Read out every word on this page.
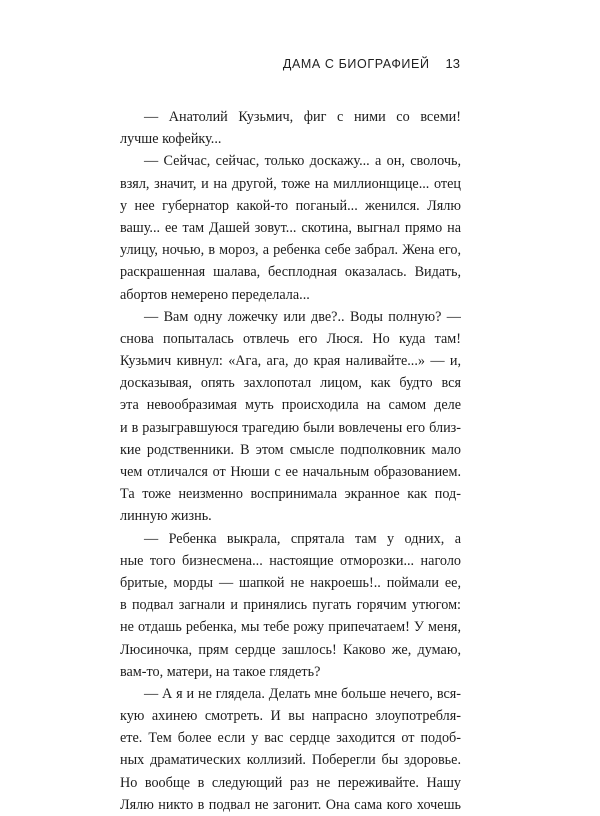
ДАМА С БИОГРАФИЕЙ 13
— Анатолий Кузьмич, фиг с ними со всеми!
лучше кофейку...
— Сейчас, сейчас, только доскажу... а он, сволочь,
взял, значит, и на другой, тоже на миллионщице... отец
у нее губернатор какой-то поганый... женился. Лялю
вашу... ее там Дашей зовут... скотина, выгнал прямо на
улицу, ночью, в мороз, а ребенка себе забрал. Жена его,
раскрашенная шалава, бесплодная оказалась. Видать,
абортов немерено переделала...
— Вам одну ложечку или две?.. Воды полную? —
снова попыталась отвлечь его Люся. Но куда там!
Кузьмич кивнул: «Ага, ага, до края наливайте...» — и,
досказывая, опять захлопотал лицом, как будто вся
эта невообразимая муть происходила на самом деле
и в разыгравшуюся трагедию были вовлечены его близ-
кие родственники. В этом смысле подполковник мало
чем отличался от Нюши с ее начальным образованием.
Та тоже неизменно воспринимала экранное как под-
линную жизнь.
— Ребенка выкрала, спрятала там у одних, а
ные того бизнесмена... настоящие отморозки... наголо
бритые, морды — шапкой не накроешь!.. поймали ее,
в подвал загнали и принялись пугать горячим утюгом:
не отдашь ребенка, мы тебе рожу припечатаем! У меня,
Люсиночка, прям сердце зашлось! Каково же, думаю,
вам-то, матери, на такое глядеть?
— А я и не глядела. Делать мне больше нечего, вся-
кую ахинею смотреть. И вы напрасно злоупотребля-
ете. Тем более если у вас сердце заходится от подоб-
ных драматических коллизий. Поберегли бы здоровье.
Но вообще в следующий раз не переживайте. Нашу
Лялю никто в подвал не загонит. Она сама кого хочешь
